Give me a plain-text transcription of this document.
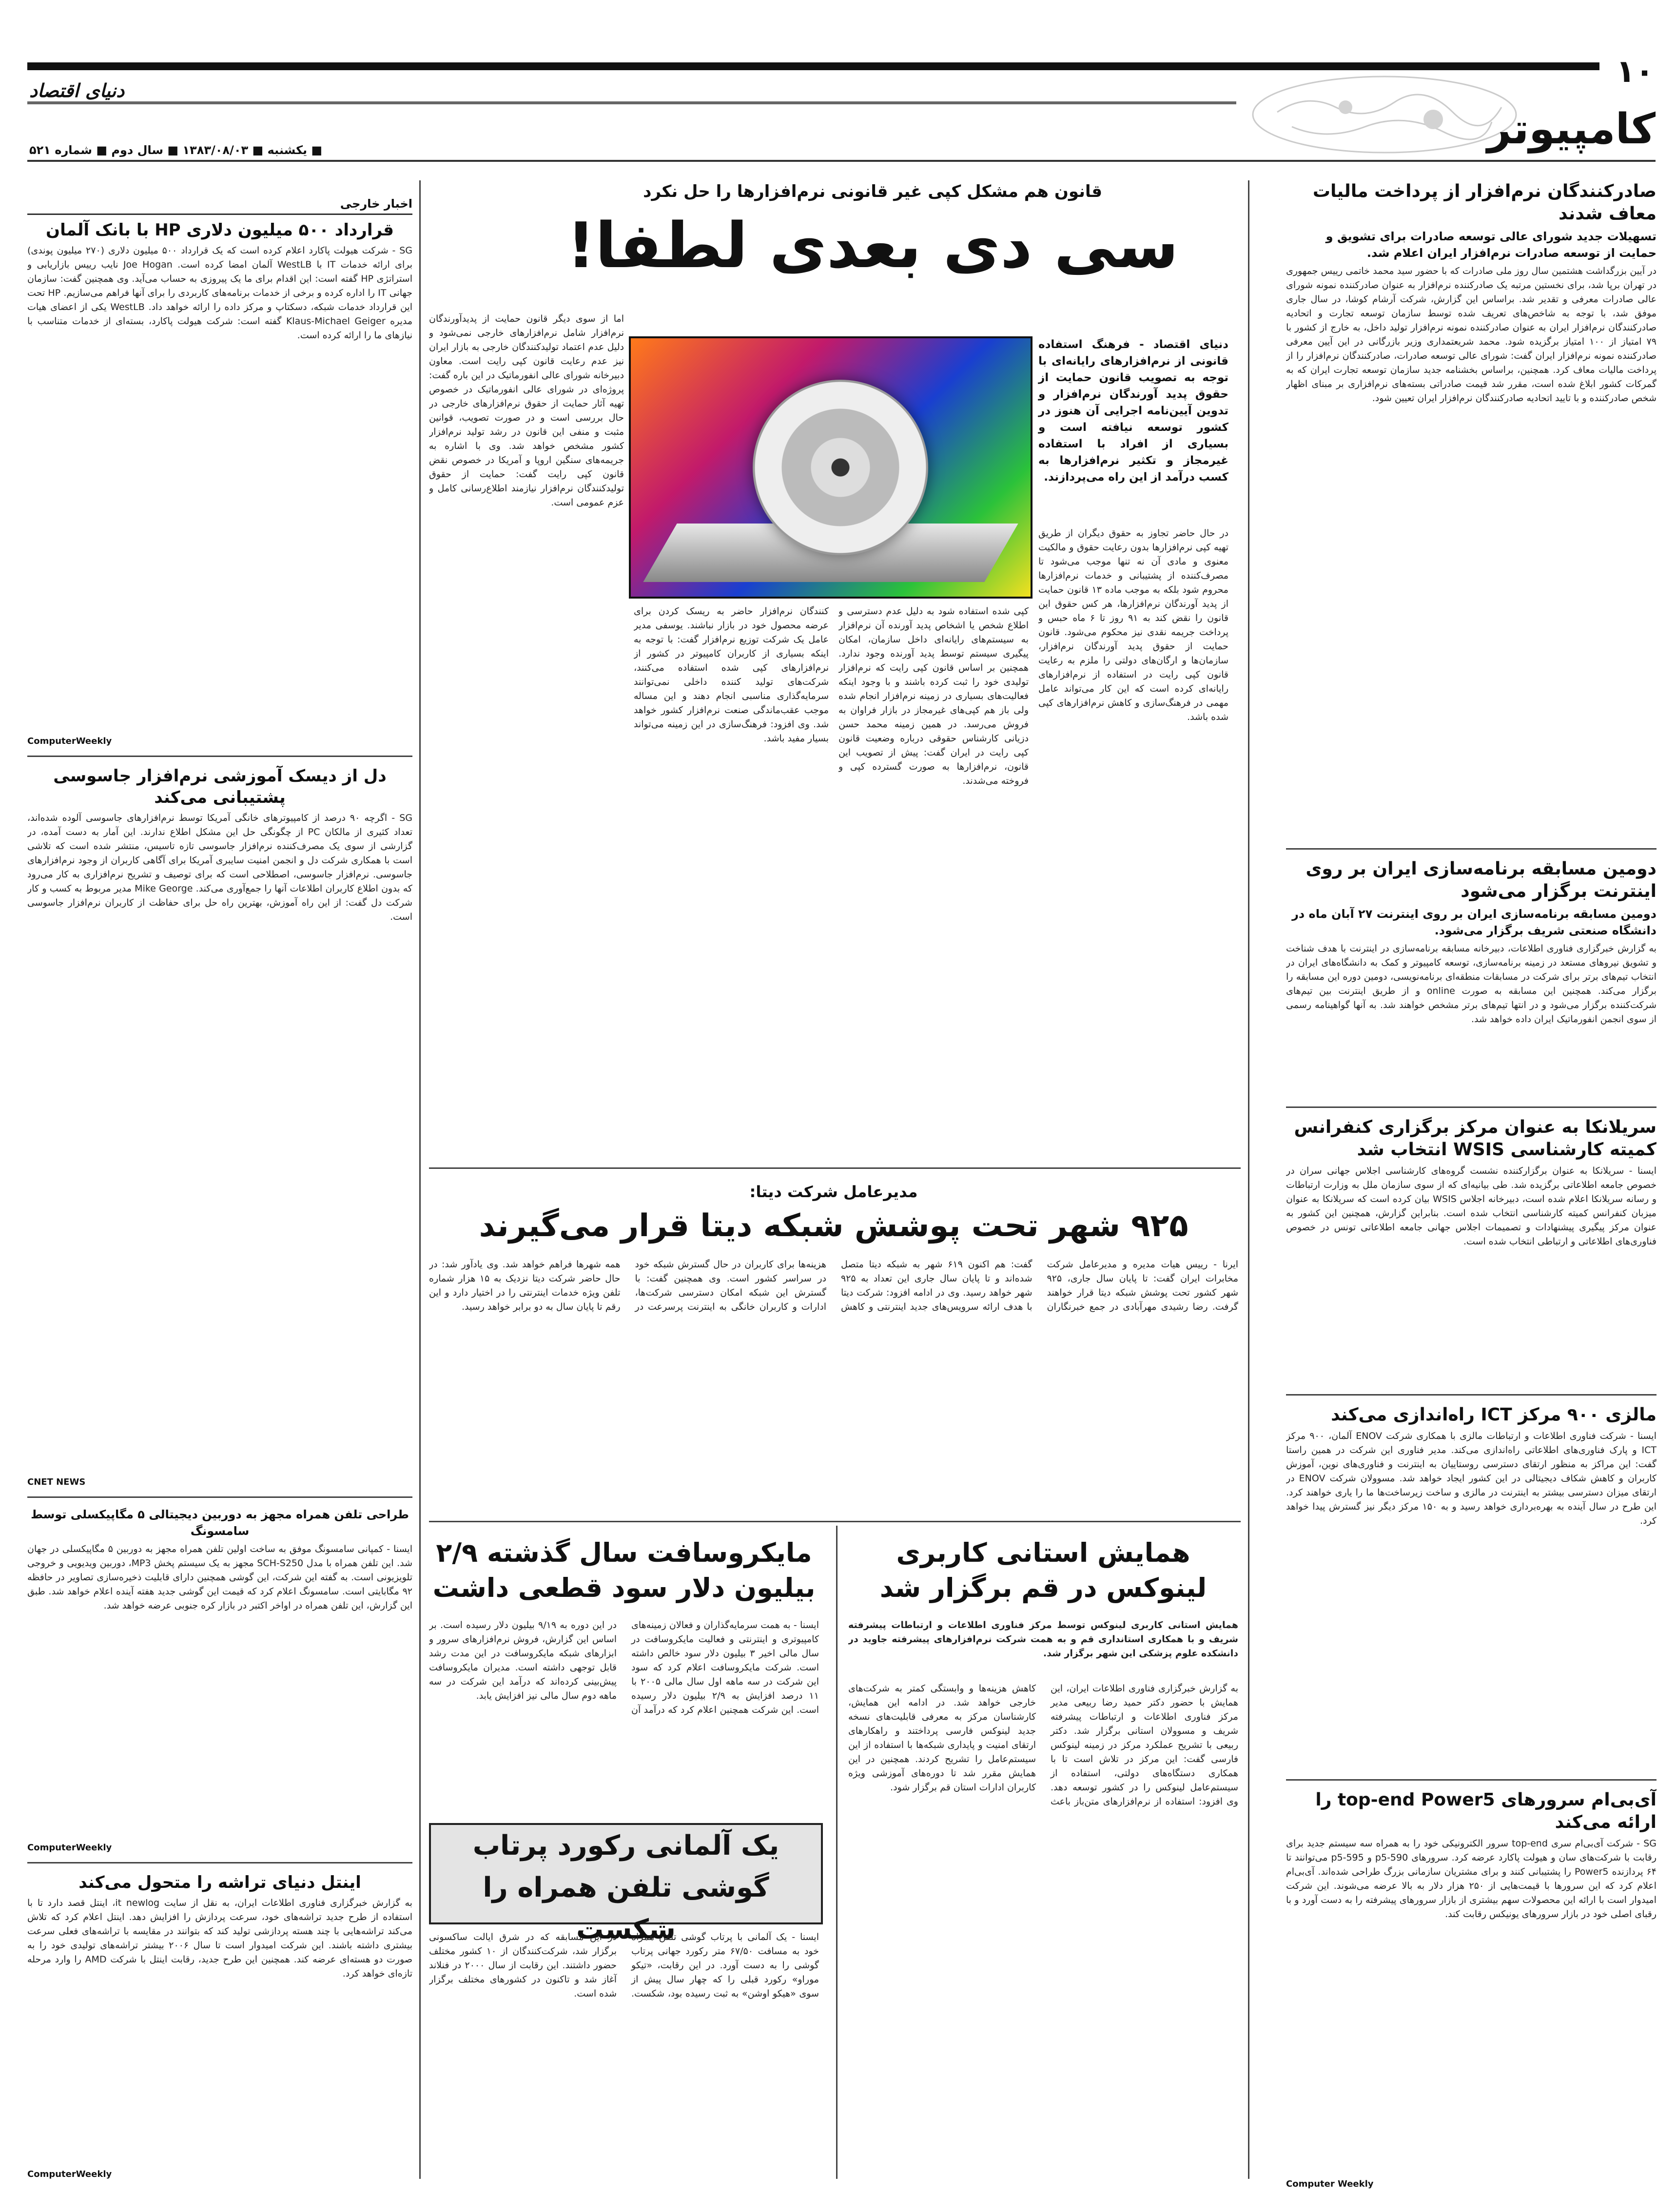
۱۰
دنیای اقتصاد
کامپیوتر
■ یکشنبه ■ ۱۳۸۳/۰۸/۰۳ ■ سال دوم ■ شماره ۵۲۱
صادرکنندگان نرم‌افزار از پرداخت مالیات معاف شدند
تسهیلات جدید شورای عالی توسعه صادرات برای تشویق و حمایت از توسعه صادرات نرم‌افزار ایران اعلام شد.
در آیین بزرگداشت هشتمین سال روز ملی صادرات که با حضور سید محمد خاتمی رییس جمهوری در تهران برپا شد، برای نخستین مرتبه یک صادرکننده نرم‌افزار به عنوان صادرکننده نمونه شورای عالی صادرات معرفی و تقدیر شد. براساس این گزارش، شرکت آرشام کوشا، در سال جاری موفق شد، با توجه به شاخص‌های تعریف شده توسط سازمان توسعه تجارت و اتحادیه صادرکنندگان نرم‌افزار ایران به عنوان صادرکننده نمونه نرم‌افزار تولید داخل، به خارج از کشور با ۷۹ امتیاز از ۱۰۰ امتیاز برگزیده شود. محمد شریعتمداری وزیر بازرگانی در این آیین معرفی صادرکننده نمونه نرم‌افزار ایران گفت: شورای عالی توسعه صادرات، صادرکنندگان نرم‌افزار را از پرداخت مالیات معاف کرد. همچنین، براساس بخشنامه جدید سازمان توسعه تجارت ایران که به گمرکات کشور ابلاغ شده است، مقرر شد قیمت صادراتی بسته‌های نرم‌افزاری بر مبنای اظهار شخص صادرکننده و با تایید اتحادیه صادرکنندگان نرم‌افزار ایران تعیین شود.
دومین مسابقه برنامه‌سازی ایران بر روی اینترنت برگزار می‌شود
دومین مسابقه برنامه‌سازی ایران بر روی اینترنت ۲۷ آبان ماه در دانشگاه صنعتی شریف برگزار می‌شود.
به گزارش خبرگزاری فناوری اطلاعات، دبیرخانه مسابقه برنامه‌سازی در اینترنت با هدف شناخت و تشویق نیروهای مستعد در زمینه برنامه‌سازی، توسعه کامپیوتر و کمک به دانشگاه‌های ایران در انتخاب تیم‌های برتر برای شرکت در مسابقات منطقه‌ای برنامه‌نویسی، دومین دوره این مسابقه را برگزار می‌کند. همچنین این مسابقه به صورت online و از طریق اینترنت بین تیم‌های شرکت‌کننده برگزار می‌شود و در انتها تیم‌های برتر مشخص خواهند شد. به آنها گواهینامه رسمی از سوی انجمن انفورماتیک ایران داده خواهد شد.
سریلانکا به عنوان مرکز برگزاری کنفرانس کمیته کارشناسی WSIS انتخاب شد
ایسنا - سریلانکا به عنوان برگزارکننده نشست گروه‌های کارشناسی اجلاس جهانی سران در خصوص جامعه اطلاعاتی برگزیده شد. طی بیانیه‌ای که از سوی سازمان ملل به وزارت ارتباطات و رسانه سریلانکا اعلام شده است، دبیرخانه اجلاس WSIS بیان کرده است که سریلانکا به عنوان میزبان کنفرانس کمیته کارشناسی انتخاب شده است. بنابراین گزارش، همچنین این کشور به عنوان مرکز پیگیری پیشنهادات و تصمیمات اجلاس جهانی جامعه اطلاعاتی تونس در خصوص فناوری‌های اطلاعاتی و ارتباطی انتخاب شده است.
مالزی ۹۰۰ مرکز ICT راه‌اندازی می‌کند
ایسنا - شرکت فناوری اطلاعات و ارتباطات مالزی با همکاری شرکت ENOV آلمان، ۹۰۰ مرکز ICT و پارک فناوری‌های اطلاعاتی راه‌اندازی می‌کند. مدیر فناوری این شرکت در همین راستا گفت: این مراکز به منظور ارتقای دسترسی روستاییان به اینترنت و فناوری‌های نوین، آموزش کاربران و کاهش شکاف دیجیتالی در این کشور ایجاد خواهد شد. مسوولان شرکت ENOV در ارتقای میزان دسترسی بیشتر به اینترنت در مالزی و ساخت زیرساخت‌ها ما را یاری خواهند کرد. این طرح در سال آینده به بهره‌برداری خواهد رسید و به ۱۵۰ مرکز دیگر نیز گسترش پیدا خواهد کرد.
آی‌بی‌ام سرورهای top-end Power5 را ارائه می‌کند
SG - شرکت آی‌بی‌ام سری top-end سرور الکترونیکی خود را به همراه سه سیستم جدید برای رقابت با شرکت‌های سان و هیولت پاکارد عرضه کرد. سرورهای p5-590 و p5-595 می‌توانند تا ۶۴ پردازنده Power5 را پشتیبانی کنند و برای مشتریان سازمانی بزرگ طراحی شده‌اند. آی‌بی‌ام اعلام کرد که این سرورها با قیمت‌هایی از ۲۵۰ هزار دلار به بالا عرضه می‌شوند. این شرکت امیدوار است با ارائه این محصولات سهم بیشتری از بازار سرورهای پیشرفته را به دست آورد و با رقبای اصلی خود در بازار سرورهای یونیکس رقابت کند.
Computer Weekly
اخبار خارجی
قرارداد ۵۰۰ میلیون دلاری HP با بانک آلمان
SG - شرکت هیولت پاکارد اعلام کرده است که یک قرارداد ۵۰۰ میلیون دلاری (۲۷۰ میلیون پوندی) برای ارائه خدمات IT با WestLB آلمان امضا کرده است. Joe Hogan نایب رییس بازاریابی و استراتژی HP گفته است: این اقدام برای ما یک پیروزی به حساب می‌آید. وی همچنین گفت: سازمان جهانی IT را اداره کرده و برخی از خدمات برنامه‌های کاربردی را برای آنها فراهم می‌سازیم. HP تحت این قرارداد خدمات شبکه، دسکتاپ و مرکز داده را ارائه خواهد داد. WestLB یکی از اعضای هیات مدیره Klaus-Michael Geiger گفته است: شرکت هیولت پاکارد، بسته‌ای از خدمات متناسب با نیازهای ما را ارائه کرده است.
ComputerWeekly
دل از دیسک آموزشی نرم‌افزار جاسوسی پشتیبانی می‌کند
SG - اگرچه ۹۰ درصد از کامپیوترهای خانگی آمریکا توسط نرم‌افزارهای جاسوسی آلوده شده‌اند، تعداد کثیری از مالکان PC از چگونگی حل این مشکل اطلاع ندارند. این آمار به دست آمده، در گزارشی از سوی یک مصرف‌کننده نرم‌افزار جاسوسی تازه تاسیس، منتشر شده است که تلاشی است با همکاری شرکت دل و انجمن امنیت سایبری آمریکا برای آگاهی کاربران از وجود نرم‌افزارهای جاسوسی. نرم‌افزار جاسوسی، اصطلاحی است که برای توصیف و تشریح نرم‌افزاری به کار می‌رود که بدون اطلاع کاربران اطلاعات آنها را جمع‌آوری می‌کند. Mike George مدیر مربوط به کسب و کار شرکت دل گفت: از این راه آموزش، بهترین راه حل برای حفاظت از کاربران نرم‌افزار جاسوسی است.
CNET NEWS
طراحی تلفن همراه مجهز به دوربین دیجیتالی ۵ مگاپیکسلی توسط سامسونگ
ایسنا - کمپانی سامسونگ موفق به ساخت اولین تلفن همراه مجهز به دوربین ۵ مگاپیکسلی در جهان شد. این تلفن همراه با مدل SCH-S250 مجهز به یک سیستم پخش MP3، دوربین ویدیویی و خروجی تلویزیونی است. به گفته این شرکت، این گوشی همچنین دارای قابلیت ذخیره‌سازی تصاویر در حافظه ۹۲ مگابایتی است. سامسونگ اعلام کرد که قیمت این گوشی جدید هفته آینده اعلام خواهد شد. طبق این گزارش، این تلفن همراه در اواخر اکتبر در بازار کره جنوبی عرضه خواهد شد.
ComputerWeekly
اینتل دنیای تراشه را متحول می‌کند
به گزارش خبرگزاری فناوری اطلاعات ایران، به نقل از سایت it newlog، اینتل قصد دارد تا با استفاده از طرح جدید تراشه‌های خود، سرعت پردازش را افزایش دهد. اینتل اعلام کرد که تلاش می‌کند تراشه‌هایی با چند هسته پردازشی تولید کند که بتوانند در مقایسه با تراشه‌های فعلی سرعت بیشتری داشته باشند. این شرکت امیدوار است تا سال ۲۰۰۶ بیشتر تراشه‌های تولیدی خود را به صورت دو هسته‌ای عرضه کند. همچنین این طرح جدید، رقابت اینتل با شرکت AMD را وارد مرحله تازه‌ای خواهد کرد.
ComputerWeekly
قانون هم مشکل کپی غیر قانونی نرم‌افزارها را حل نکرد
سی دی بعدی لطفا!
دنیای اقتصاد - فرهنگ استفاده قانونی از نرم‌افزارهای رایانه‌ای با توجه به تصویب قانون حمایت از حقوق پدید آورندگان نرم‌افزار و تدوین آیین‌نامه اجرایی آن هنوز در کشور توسعه نیافته است و بسیاری از افراد با استفاده غیرمجاز و تکثیر نرم‌افزارها به کسب درآمد از این راه می‌پردازند.
در حال حاضر تجاوز به حقوق دیگران از طریق تهیه کپی نرم‌افزارها بدون رعایت حقوق و مالکیت معنوی و مادی آن نه تنها موجب می‌شود تا مصرف‌کننده از پشتیبانی و خدمات نرم‌افزارها محروم شود بلکه به موجب ماده ۱۳ قانون حمایت از پدید آورندگان نرم‌افزارها، هر کس حقوق این قانون را نقض کند به ۹۱ روز تا ۶ ماه حبس و پرداخت جریمه نقدی نیز محکوم می‌شود. قانون حمایت از حقوق پدید آورندگان نرم‌افزار، سازمان‌ها و ارگان‌های دولتی را ملزم به رعایت قانون کپی رایت در استفاده از نرم‌افزارهای رایانه‌ای کرده است که این کار می‌تواند عامل مهمی در فرهنگ‌سازی و کاهش نرم‌افزارهای کپی شده باشد.
کپی شده استفاده شود به دلیل عدم دسترسی و اطلاع شخص یا اشخاص پدید آورنده آن نرم‌افزار به سیستم‌های رایانه‌ای داخل سازمان، امکان پیگیری سیستم توسط پدید آورنده وجود ندارد. همچنین بر اساس قانون کپی رایت که نرم‌افزار تولیدی خود را ثبت کرده باشند و با وجود اینکه فعالیت‌های بسیاری در زمینه نرم‌افزار انجام شده ولی باز هم کپی‌های غیرمجاز در بازار فراوان به فروش می‌رسد. در همین زمینه محمد حسن دزیانی کارشناس حقوقی درباره وضعیت قانون کپی رایت در ایران گفت: پیش از تصویب این قانون، نرم‌افزارها به صورت گسترده کپی و فروخته می‌شدند.
کنندگان نرم‌افزار حاضر به ریسک کردن برای عرضه محصول خود در بازار نباشند. یوسفی مدیر عامل یک شرکت توزیع نرم‌افزار گفت: با توجه به اینکه بسیاری از کاربران کامپیوتر در کشور از نرم‌افزارهای کپی شده استفاده می‌کنند، شرکت‌های تولید کننده داخلی نمی‌توانند سرمایه‌گذاری مناسبی انجام دهند و این مساله موجب عقب‌ماندگی صنعت نرم‌افزار کشور خواهد شد. وی افزود: فرهنگ‌سازی در این زمینه می‌تواند بسیار مفید باشد.
اما از سوی دیگر قانون حمایت از پدیدآورندگان نرم‌افزار شامل نرم‌افزارهای خارجی نمی‌شود و دلیل عدم اعتماد تولیدکنندگان خارجی به بازار ایران نیز عدم رعایت قانون کپی رایت است. معاون دبیرخانه شورای عالی انفورماتیک در این باره گفت: پروژه‌ای در شورای عالی انفورماتیک در خصوص تهیه آثار حمایت از حقوق نرم‌افزارهای خارجی در حال بررسی است و در صورت تصویب، قوانین مثبت و منفی این قانون در رشد تولید نرم‌افزار کشور مشخص خواهد شد. وی با اشاره به جریمه‌های سنگین اروپا و آمریکا در خصوص نقض قانون کپی رایت گفت: حمایت از حقوق تولیدکنندگان نرم‌افزار نیازمند اطلاع‌رسانی کامل و عزم عمومی است.
مدیرعامل شرکت دیتا:
۹۲۵ شهر تحت پوشش شبکه دیتا قرار می‌گیرند
ایرنا - رییس هیات مدیره و مدیرعامل شرکت مخابرات ایران گفت: تا پایان سال جاری، ۹۲۵ شهر کشور تحت پوشش شبکه دیتا قرار خواهند گرفت. رضا رشیدی مهرآبادی در جمع خبرنگاران گفت: هم اکنون ۶۱۹ شهر به شبکه دیتا متصل شده‌اند و تا پایان سال جاری این تعداد به ۹۲۵ شهر خواهد رسید. وی در ادامه افزود: شرکت دیتا با هدف ارائه سرویس‌های جدید اینترنتی و کاهش هزینه‌ها برای کاربران در حال گسترش شبکه خود در سراسر کشور است. وی همچنین گفت: با گسترش این شبکه امکان دسترسی شرکت‌ها، ادارات و کاربران خانگی به اینترنت پرسرعت در همه شهرها فراهم خواهد شد. وی یادآور شد: در حال حاضر شرکت دیتا نزدیک به ۱۵ هزار شماره تلفن ویژه خدمات اینترنتی را در اختیار دارد و این رقم تا پایان سال به دو برابر خواهد رسید.
همایش استانی کاربری لینوکس در قم برگزار شد
همایش استانی کاربری لینوکس توسط مرکز فناوری اطلاعات و ارتباطات پیشرفته شریف و با همکاری استانداری قم و به همت شرکت نرم‌افزارهای پیشرفته جاوید در دانشکده علوم پزشکی این شهر برگزار شد.
به گزارش خبرگزاری فناوری اطلاعات ایران، این همایش با حضور دکتر حمید رضا ربیعی مدیر مرکز فناوری اطلاعات و ارتباطات پیشرفته شریف و مسوولان استانی برگزار شد. دکتر ربیعی با تشریح عملکرد مرکز در زمینه لینوکس فارسی گفت: این مرکز در تلاش است تا با همکاری دستگاه‌های دولتی، استفاده از سیستم‌عامل لینوکس را در کشور توسعه دهد. وی افزود: استفاده از نرم‌افزارهای متن‌باز باعث کاهش هزینه‌ها و وابستگی کمتر به شرکت‌های خارجی خواهد شد. در ادامه این همایش، کارشناسان مرکز به معرفی قابلیت‌های نسخه جدید لینوکس فارسی پرداختند و راهکارهای ارتقای امنیت و پایداری شبکه‌ها با استفاده از این سیستم‌عامل را تشریح کردند. همچنین در این همایش مقرر شد تا دوره‌های آموزشی ویژه کاربران ادارات استان قم برگزار شود.
مایکروسافت سال گذشته ۲/۹ بیلیون دلار سود قطعی داشت
ایسنا - به همت سرمایه‌گذاران و فعالان زمینه‌های کامپیوتری و اینترنتی و فعالیت مایکروسافت در سال مالی اخیر ۳ بیلیون دلار سود خالص داشته است. شرکت مایکروسافت اعلام کرد که سود این شرکت در سه ماهه اول سال مالی ۲۰۰۵ با ۱۱ درصد افزایش به ۲/۹ بیلیون دلار رسیده است. این شرکت همچنین اعلام کرد که درآمد آن در این دوره به ۹/۱۹ بیلیون دلار رسیده است. بر اساس این گزارش، فروش نرم‌افزارهای سرور و ابزارهای شبکه مایکروسافت در این مدت رشد قابل توجهی داشته است. مدیران مایکروسافت پیش‌بینی کرده‌اند که درآمد این شرکت در سه ماهه دوم سال مالی نیز افزایش یابد.
یک آلمانی رکورد پرتاب گوشی تلفن همراه را شکست
ایسنا - یک آلمانی با پرتاب گوشی تلفن همراه خود به مسافت ۶۷/۵۰ متر رکورد جهانی پرتاب گوشی را به دست آورد. در این رقابت، «تیکو موراو» رکورد قبلی را که چهار سال پیش از سوی «هیکو اوشن» به ثبت رسیده بود، شکست. در این مسابقه که در شرق ایالت ساکسونی برگزار شد، شرکت‌کنندگان از ۱۰ کشور مختلف حضور داشتند. این رقابت از سال ۲۰۰۰ در فنلاند آغاز شد و تاکنون در کشورهای مختلف برگزار شده است.
